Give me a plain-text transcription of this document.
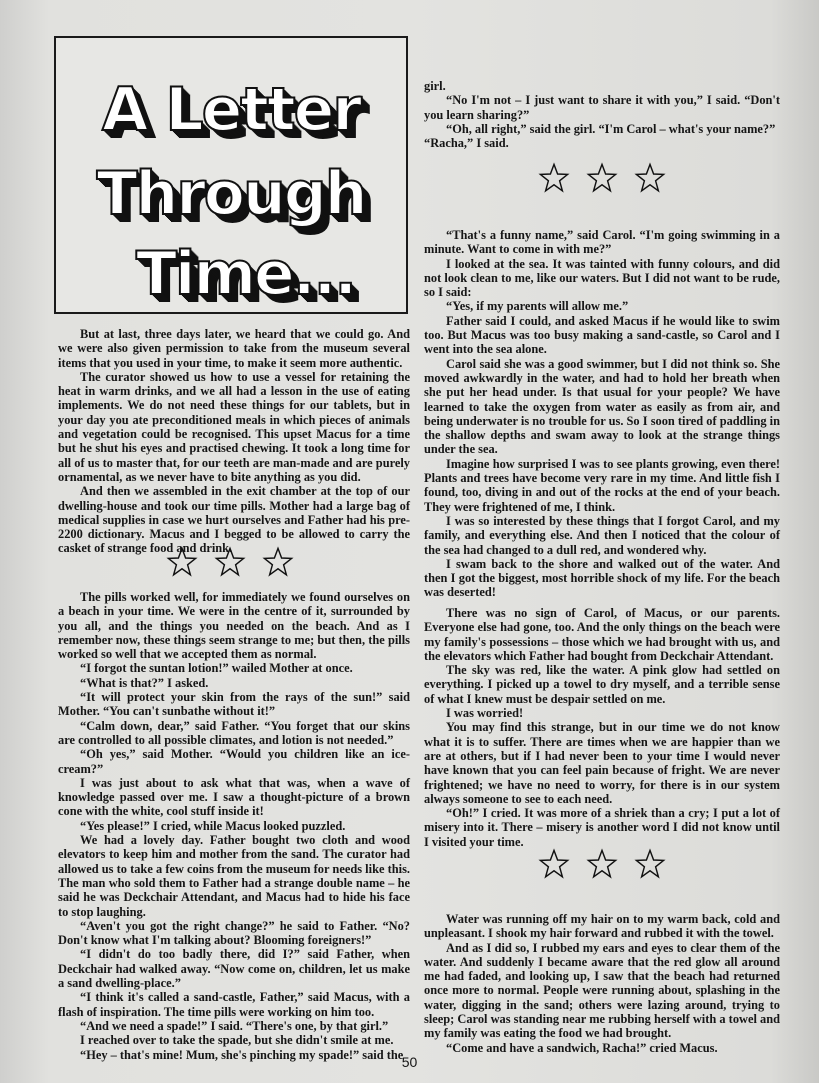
A Letter
Through
Time...

But at last, three days later, we heard that we could go. And we were also given permission to take from the museum several items that you used in your time, to make it seem more authentic.

The curator showed us how to use a vessel for retaining the heat in warm drinks, and we all had a lesson in the use of eating implements. We do not need these things for our tablets, but in your day you ate preconditioned meals in which pieces of animals and vegetation could be recognised. This upset Macus for a time but he shut his eyes and practised chewing. It took a long time for all of us to master that, for our teeth are man-made and are purely ornamental, as we never have to bite anything as you did.

And then we assembled in the exit chamber at the top of our dwelling-house and took our time pills. Mother had a large bag of medical supplies in case we hurt ourselves and Father had his pre-2200 dictionary. Macus and I begged to be allowed to carry the casket of strange food and drink.

The pills worked well, for immediately we found ourselves on a beach in your time. We were in the centre of it, surrounded by you all, and the things you needed on the beach. And as I remember now, these things seem strange to me; but then, the pills worked so well that we accepted them as normal.

“I forgot the suntan lotion!” wailed Mother at once.

“What is that?” I asked.

“It will protect your skin from the rays of the sun!” said Mother. “You can't sunbathe without it!”

“Calm down, dear,” said Father. “You forget that our skins are controlled to all possible climates, and lotion is not needed.”

“Oh yes,” said Mother. “Would you children like an ice-cream?”

I was just about to ask what that was, when a wave of knowledge passed over me. I saw a thought-picture of a brown cone with the white, cool stuff inside it!

“Yes please!” I cried, while Macus looked puzzled.

We had a lovely day. Father bought two cloth and wood elevators to keep him and mother from the sand. The curator had allowed us to take a few coins from the museum for needs like this. The man who sold them to Father had a strange double name – he said he was Deckchair Attendant, and Macus had to hide his face to stop laughing.

“Aven't you got the right change?” he said to Father. “No? Don't know what I'm talking about? Blooming foreigners!”

“I didn't do too badly there, did I?” said Father, when Deckchair had walked away. “Now come on, children, let us make a sand dwelling-place.”

“I think it's called a sand-castle, Father,” said Macus, with a flash of inspiration. The time pills were working on him too.

“And we need a spade!” I said. “There's one, by that girl.”

I reached over to take the spade, but she didn't smile at me.

“Hey – that's mine! Mum, she's pinching my spade!” said the

girl.

“No I'm not – I just want to share it with you,” I said. “Don't you learn sharing?”

“Oh, all right,” said the girl. “I'm Carol – what's your name?”

“Racha,” I said.

“That's a funny name,” said Carol. “I'm going swimming in a minute. Want to come in with me?”

I looked at the sea. It was tainted with funny colours, and did not look clean to me, like our waters. But I did not want to be rude, so I said:

“Yes, if my parents will allow me.”

Father said I could, and asked Macus if he would like to swim too. But Macus was too busy making a sand-castle, so Carol and I went into the sea alone.

Carol said she was a good swimmer, but I did not think so. She moved awkwardly in the water, and had to hold her breath when she put her head under. Is that usual for your people? We have learned to take the oxygen from water as easily as from air, and being underwater is no trouble for us. So I soon tired of paddling in the shallow depths and swam away to look at the strange things under the sea.

Imagine how surprised I was to see plants growing, even there! Plants and trees have become very rare in my time. And little fish I found, too, diving in and out of the rocks at the end of your beach. They were frightened of me, I think.

I was so interested by these things that I forgot Carol, and my family, and everything else. And then I noticed that the colour of the sea had changed to a dull red, and wondered why.

I swam back to the shore and walked out of the water. And then I got the biggest, most horrible shock of my life. For the beach was deserted!

There was no sign of Carol, of Macus, or our parents. Everyone else had gone, too. And the only things on the beach were my family's possessions – those which we had brought with us, and the elevators which Father had bought from Deckchair Attendant.

The sky was red, like the water. A pink glow had settled on everything. I picked up a towel to dry myself, and a terrible sense of what I knew must be despair settled on me.

I was worried!

You may find this strange, but in our time we do not know what it is to suffer. There are times when we are happier than we are at others, but if I had never been to your time I would never have known that you can feel pain because of fright. We are never frightened; we have no need to worry, for there is in our system always someone to see to each need.

“Oh!” I cried. It was more of a shriek than a cry; I put a lot of misery into it. There – misery is another word I did not know until I visited your time.

Water was running off my hair on to my warm back, cold and unpleasant. I shook my hair forward and rubbed it with the towel.

And as I did so, I rubbed my ears and eyes to clear them of the water. And suddenly I became aware that the red glow all around me had faded, and looking up, I saw that the beach had returned once more to normal. People were running about, splashing in the water, digging in the sand; others were lazing around, trying to sleep; Carol was standing near me rubbing herself with a towel and my family was eating the food we had brought.

“Come and have a sandwich, Racha!” cried Macus.

50
